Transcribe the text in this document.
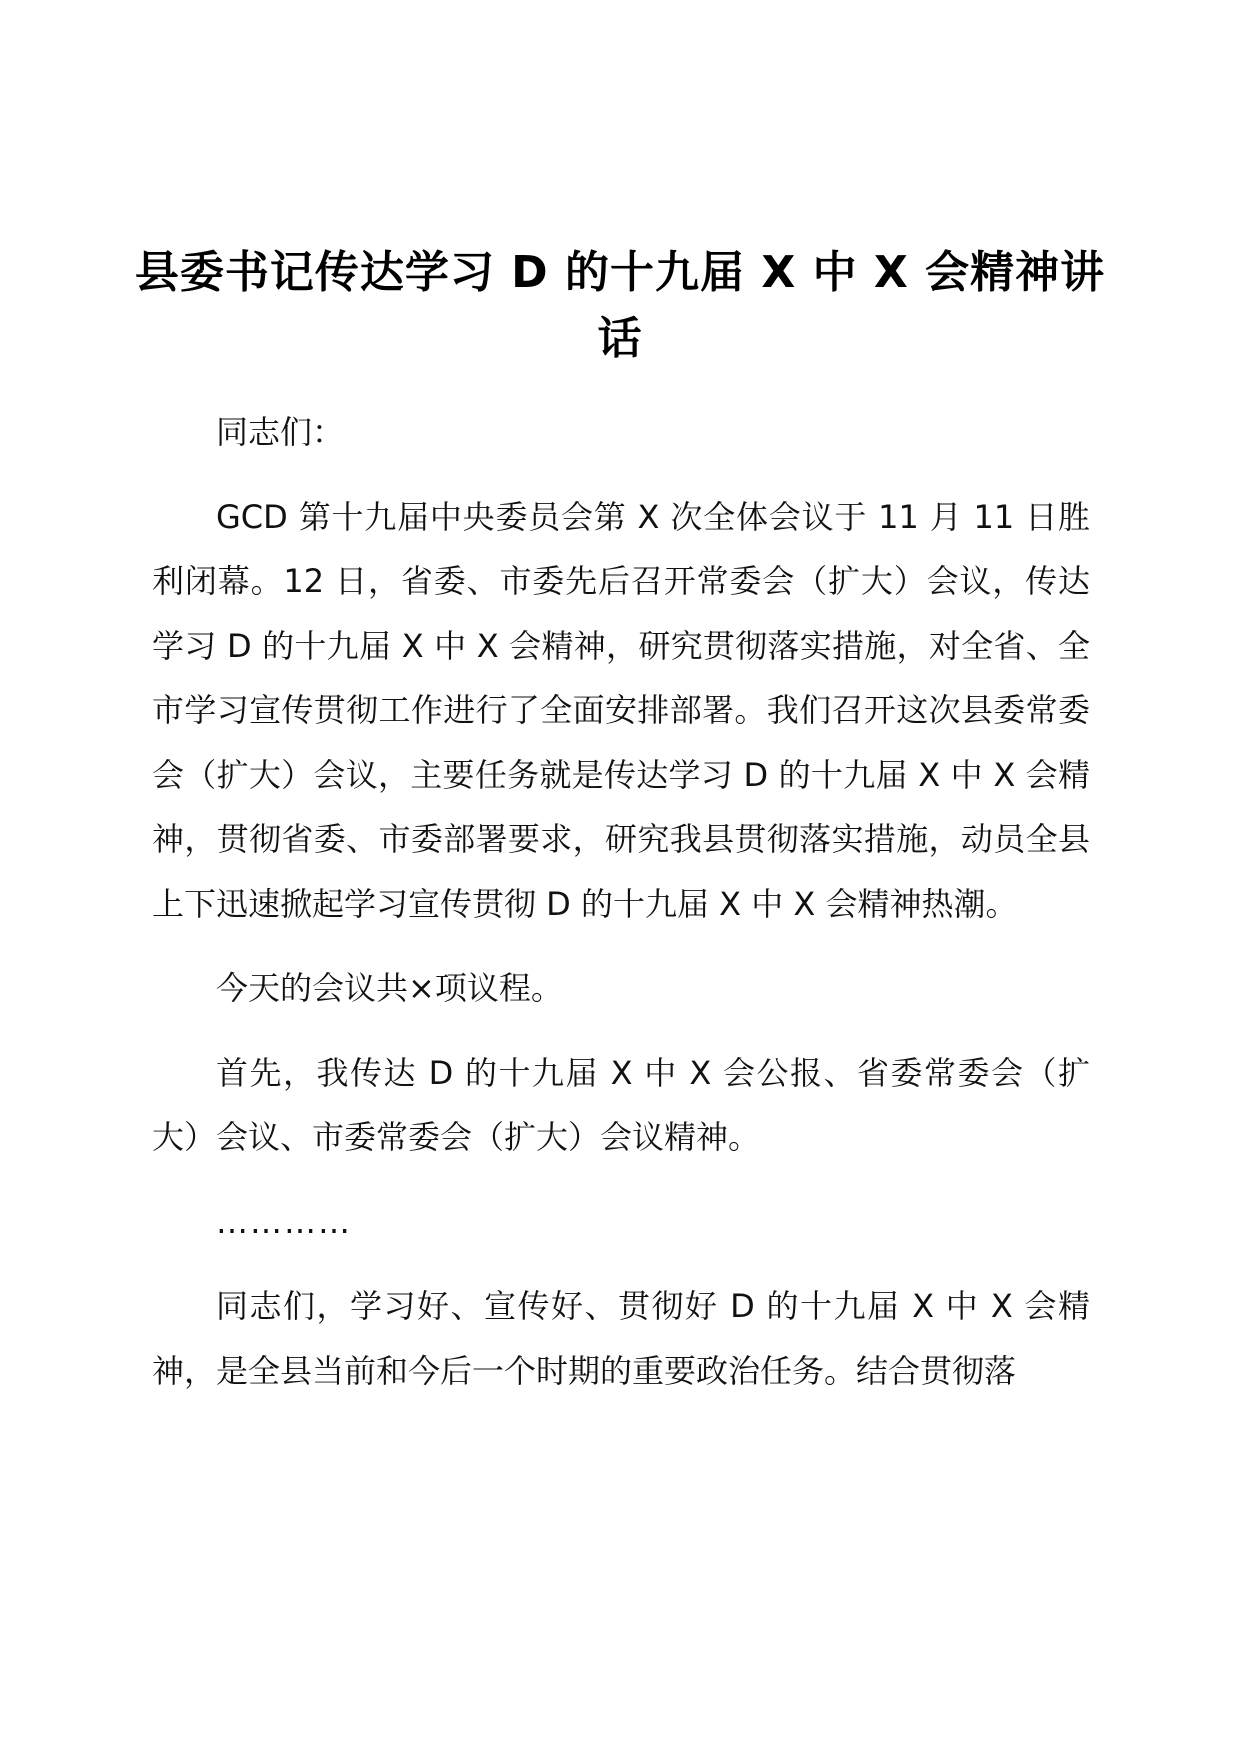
县委书记传达学习 D 的十九届 X 中 X 会精神讲话

同志们：

GCD 第十九届中央委员会第 X 次全体会议于 11 月 11 日胜利闭幕。12 日，省委、市委先后召开常委会（扩大）会议，传达学习 D 的十九届 X 中 X 会精神，研究贯彻落实措施，对全省、全市学习宣传贯彻工作进行了全面安排部署。我们召开这次县委常委会（扩大）会议，主要任务就是传达学习 D 的十九届 X 中 X 会精神，贯彻省委、市委部署要求，研究我县贯彻落实措施，动员全县上下迅速掀起学习宣传贯彻 D 的十九届 X 中 X 会精神热潮。

今天的会议共×项议程。

首先，我传达 D 的十九届 X 中 X 会公报、省委常委会（扩大）会议、市委常委会（扩大）会议精神。

…………

同志们，学习好、宣传好、贯彻好 D 的十九届 X 中 X 会精神，是全县当前和今后一个时期的重要政治任务。结合贯彻落
